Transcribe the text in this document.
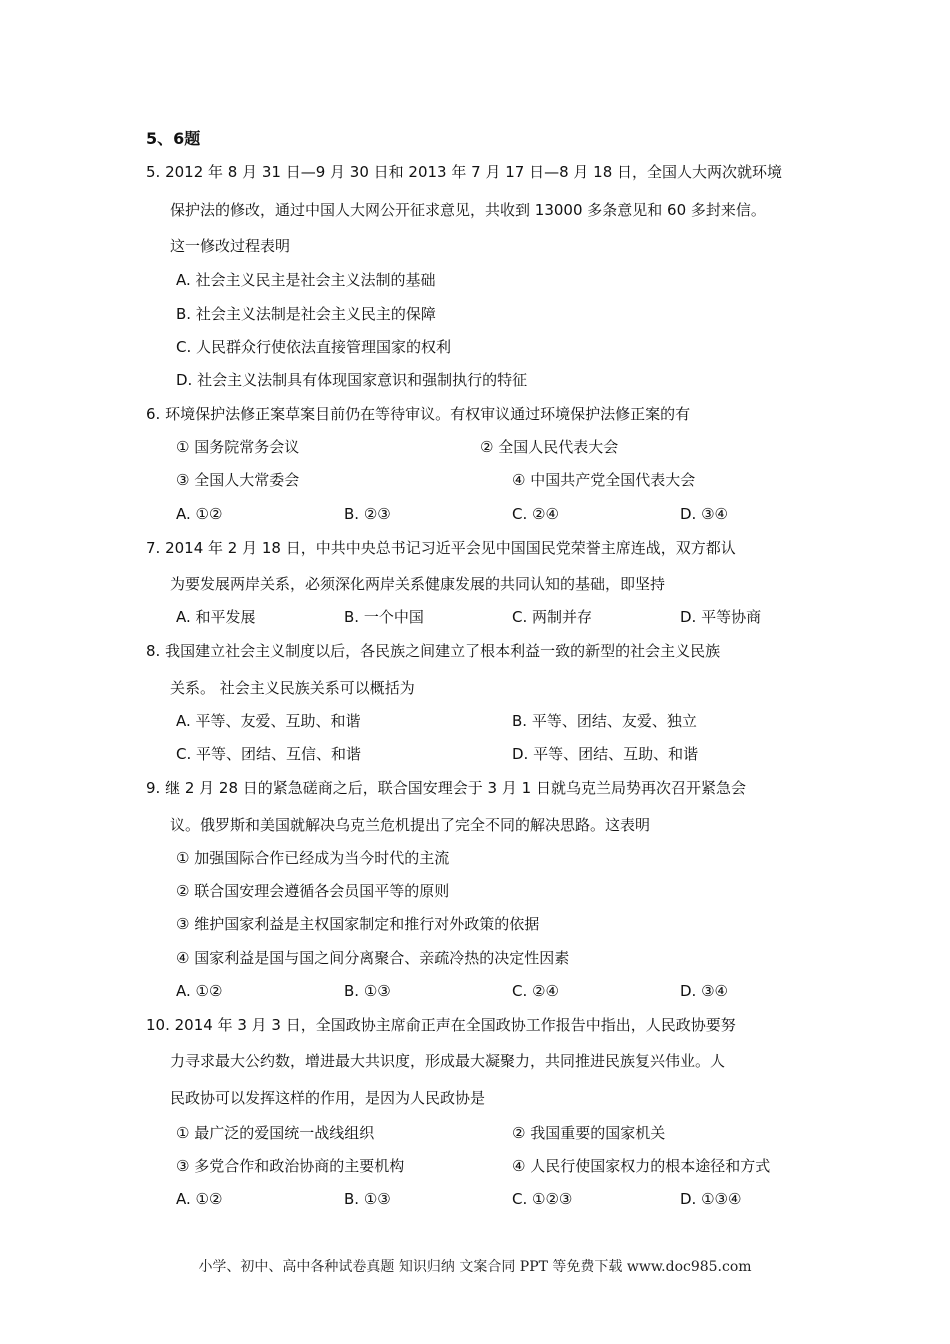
5、6题
5. 2012 年 8 月 31 日—9 月 30 日和 2013 年 7 月 17 日—8 月 18 日，全国人大两次就环境
保护法的修改，通过中国人大网公开征求意见，共收到 13000 多条意见和 60 多封来信。
这一修改过程表明
A. 社会主义民主是社会主义法制的基础
B. 社会主义法制是社会主义民主的保障
C. 人民群众行使依法直接管理国家的权利
D. 社会主义法制具有体现国家意识和强制执行的特征
6. 环境保护法修正案草案目前仍在等待审议。有权审议通过环境保护法修正案的有
① 国务院常务会议	② 全国人民代表大会
③ 全国人大常委会	④ 中国共产党全国代表大会
A. ①②	B. ②③	C. ②④	D. ③④
7. 2014 年 2 月 18 日，中共中央总书记习近平会见中国国民党荣誉主席连战，双方都认
为要发展两岸关系，必须深化两岸关系健康发展的共同认知的基础，即坚持
A. 和平发展	B. 一个中国	C. 两制并存	D. 平等协商
8. 我国建立社会主义制度以后，各民族之间建立了根本利益一致的新型的社会主义民族
关系。 社会主义民族关系可以概括为
A. 平等、友爱、互助、和谐	B. 平等、团结、友爱、独立
C. 平等、团结、互信、和谐	D. 平等、团结、互助、和谐
9. 继 2 月 28 日的紧急磋商之后，联合国安理会于 3 月 1 日就乌克兰局势再次召开紧急会
议。俄罗斯和美国就解决乌克兰危机提出了完全不同的解决思路。这表明
① 加强国际合作已经成为当今时代的主流
② 联合国安理会遵循各会员国平等的原则
③ 维护国家利益是主权国家制定和推行对外政策的依据
④ 国家利益是国与国之间分离聚合、亲疏冷热的决定性因素
A. ①②	B. ①③	C. ②④	D. ③④
10. 2014 年 3 月 3 日，全国政协主席俞正声在全国政协工作报告中指出，人民政协要努
力寻求最大公约数，增进最大共识度，形成最大凝聚力，共同推进民族复兴伟业。人
民政协可以发挥这样的作用，是因为人民政协是
① 最广泛的爱国统一战线组织	② 我国重要的国家机关
③ 多党合作和政治协商的主要机构	④ 人民行使国家权力的根本途径和方式
A. ①②	B. ①③	C. ①②③	D. ①③④
小学、初中、高中各种试卷真题 知识归纳 文案合同 PPT 等免费下载 www.doc985.com
